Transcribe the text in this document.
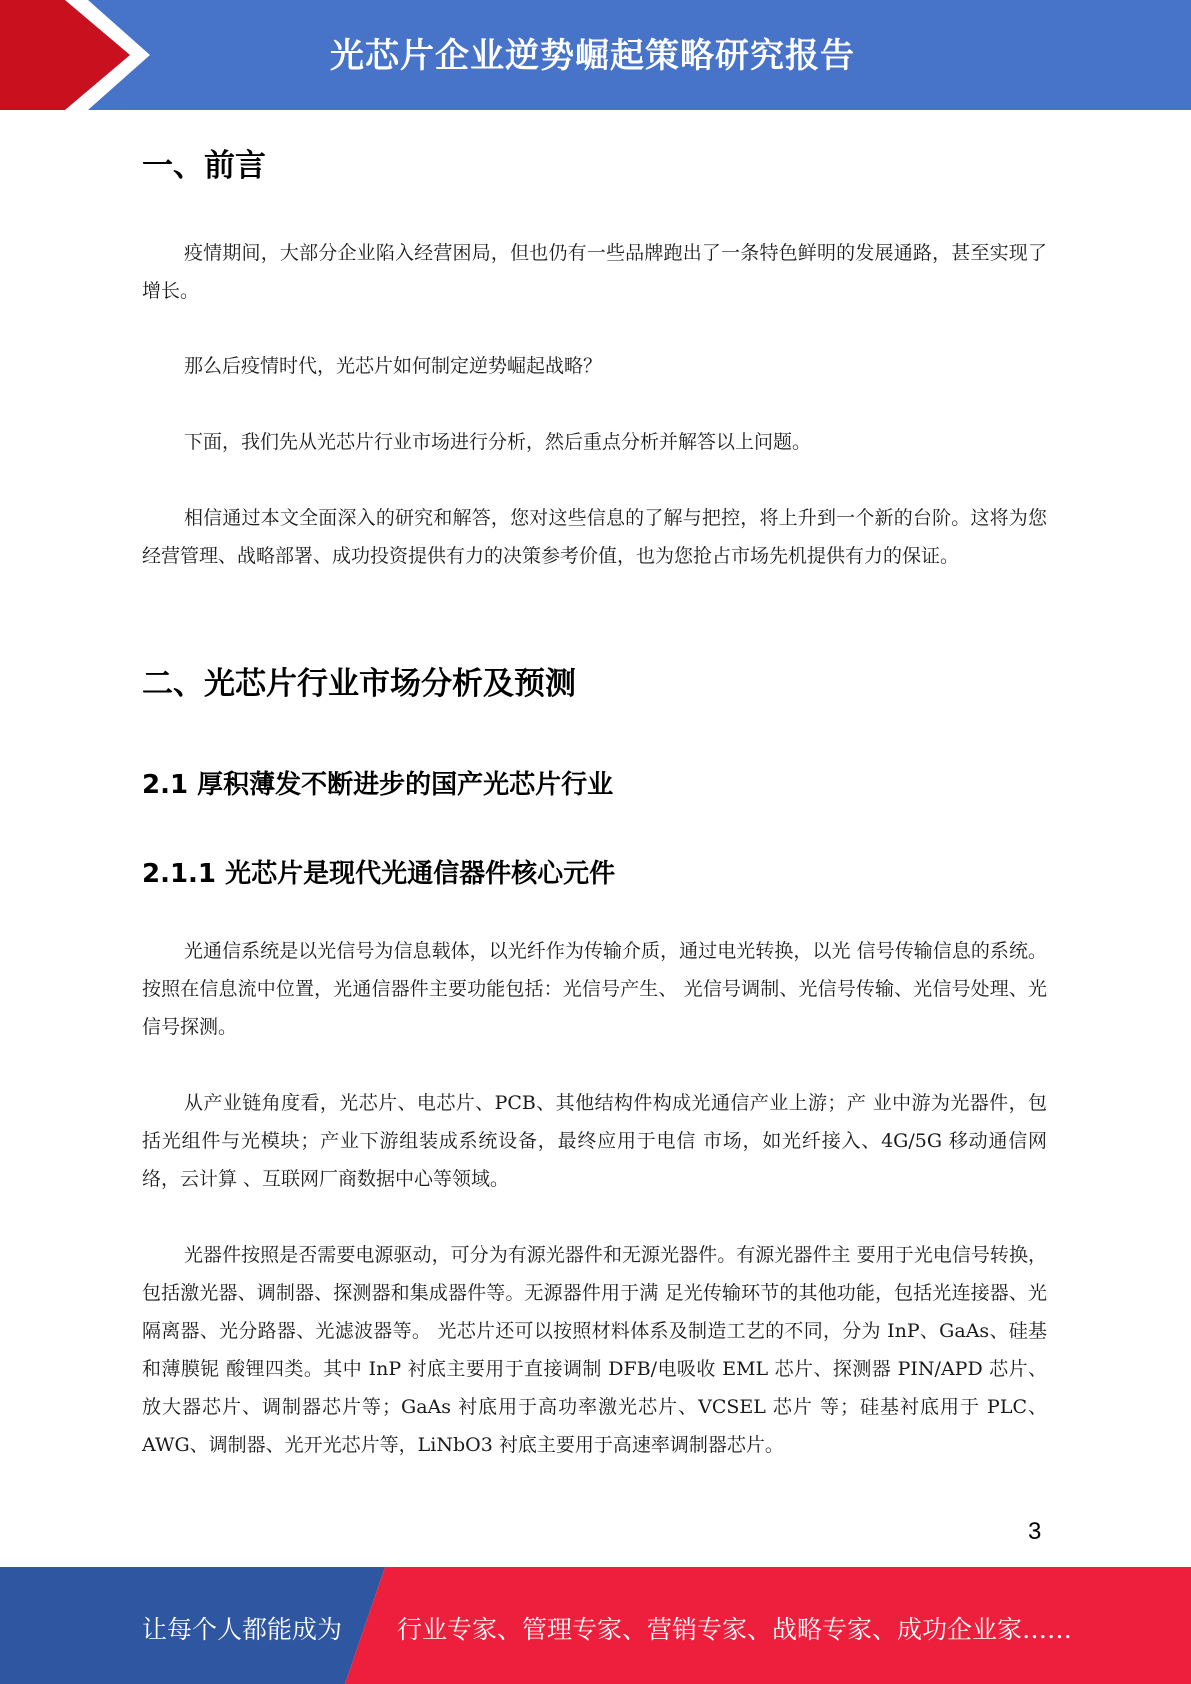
光芯片企业逆势崛起策略研究报告
一、前言
疫情期间，大部分企业陷入经营困局，但也仍有一些品牌跑出了一条特色鲜明的发展通路，甚至实现了增长。
那么后疫情时代，光芯片如何制定逆势崛起战略？
下面，我们先从光芯片行业市场进行分析，然后重点分析并解答以上问题。
相信通过本文全面深入的研究和解答，您对这些信息的了解与把控，将上升到一个新的台阶。这将为您经营管理、战略部署、成功投资提供有力的决策参考价值，也为您抢占市场先机提供有力的保证。
二、光芯片行业市场分析及预测
2.1 厚积薄发不断进步的国产光芯片行业
2.1.1 光芯片是现代光通信器件核心元件
光通信系统是以光信号为信息载体，以光纤作为传输介质，通过电光转换，以光 信号传输信息的系统。按照在信息流中位置，光通信器件主要功能包括：光信号产生、 光信号调制、光信号传输、光信号处理、光信号探测。
从产业链角度看，光芯片、电芯片、PCB、其他结构件构成光通信产业上游；产 业中游为光器件，包括光组件与光模块；产业下游组装成系统设备，最终应用于电信 市场，如光纤接入、4G/5G 移动通信网络，云计算 、互联网厂商数据中心等领域。
光器件按照是否需要电源驱动，可分为有源光器件和无源光器件。有源光器件主 要用于光电信号转换，包括激光器、调制器、探测器和集成器件等。无源器件用于满 足光传输环节的其他功能，包括光连接器、光隔离器、光分路器、光滤波器等。 光芯片还可以按照材料体系及制造工艺的不同，分为 InP、GaAs、硅基和薄膜铌 酸锂四类。其中 InP 衬底主要用于直接调制 DFB/电吸收 EML 芯片、探测器 PIN/APD 芯片、放大器芯片、调制器芯片等；GaAs 衬底用于高功率激光芯片、VCSEL 芯片 等；硅基衬底用于 PLC、AWG、调制器、光开光芯片等，LiNbO3 衬底主要用于高速率调制器芯片。
3
让每个人都能成为 行业专家、管理专家、营销专家、战略专家、成功企业家……
